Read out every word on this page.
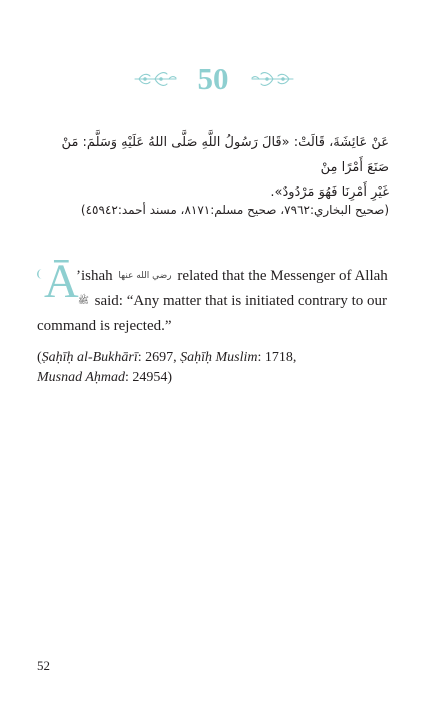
50
عَنْ عَائِشَةَ، قَالَتْ: «قَالَ رَسُولُ اللَّهِ صَلَّى اللهُ عَلَيْهِ وَسَلَّمَ: مَنْ صَنَعَ أَمْرًا مِنْ
غَيْرِ أَمْرِنَا فَهُوَ مَرْدُودٌ».
(صحيح البخاري:٧٩٦٢، صحيح مسلم:٨١٧١، مسند أحمد:٤٥٩٤٢)
Ā
’ishah رضي الله عنها related that the Messenger of Allah ﷺ said: “Any matter that is initiated contrary to our command is rejected.”
(Ṣaḥīḥ al-Bukhārī: 2697, Ṣaḥīḥ Muslim: 1718,
Musnad Aḥmad: 24954)
52
